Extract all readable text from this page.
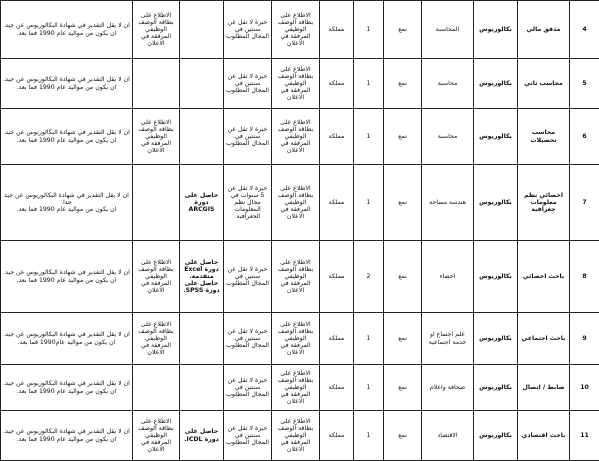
4	مدقق مالي	بكالوريوس	المحاسبة	نمع	1	مملكة	الاطلاع على بطاقة الوصف الوظيفي المرفقة في الاعلان	خبرة لا تقل عن سنتين في المجال المطلوب		الاطلاع على بطاقة الوصف الوظيفي المرفقة في الاعلان	ان لا يقل التقدير في شهادة البكالوريوس عن جيد.
ان يكون من مواليد عام 1990 فما بعد.

5	محاسب ثاني	بكالوريوس	محاسبة	نمع	1	مملكة	الاطلاع على بطاقة الوصف الوظيفي المرفقة في الاعلان	خبرة لا تقل عن سنتين في المجال المطلوب			ان لا يقل التقدير في شهادة البكالوريوس عن جيد.
ان يكون من مواليد عام 1990 فما بعد.

6	محاسب تحصيلات	بكالوريوس	محاسبة	نمع	1	مملكة	الاطلاع على بطاقة الوصف الوظيفي المرفقة في الاعلان	خبرة لا تقل عن سنتين في المجال المطلوب		الاطلاع على بطاقة الوصف الوظيفي المرفقة في الاعلان	ان لا يقل التقدير في شهادة البكالوريوس عن جيد.
ان يكون من مواليد عام 1990 فما بعد.

7	اخصائي نظم معلومات جغرافية	بكالوريوس	هندسة مساحة	نمع	1	مملكة	الاطلاع على بطاقة الوصف الوظيفي المرفقة في الاعلان	خبرة لا تقل عن 5 سنوات في مجال نظم المعلومات الجغرافية.	حاصل على دورة ARCGIS		ان لا يقل التقدير في شهادة البكالوريوس عن جيد جدا.
ان يكون من مواليد عام 1990 فما بعد.

8	باحث احصائي	بكالوريوس	احصاء	نمع	2	مملكة	الاطلاع على بطاقة الوصف الوظيفي المرفقة في الاعلان	خبرة لا تقل عن سنتين في المجال المطلوب	حاصل على دورة Excel متقدمة. حاصل على دورة SPSS.	الاطلاع على بطاقة الوصف الوظيفي المرفقة في الاعلان	ان لا يقل التقدير في شهادة البكالوريوس عن جيد.
ان يكون من مواليد عام 1990 فما بعد.

9	باحث اجتماعي	بكالوريوس	علم اجتماع او خدمة اجتماعية	نمع	1	مملكة	الاطلاع على بطاقة الوصف الوظيفي المرفقة في الاعلان	خبرة لا تقل عن سنتين في المجال المطلوب		الاطلاع على بطاقة الوصف الوظيفي المرفقة في الاعلان	ان لا يقل التقدير في شهادة البكالوريوس عن جيد.
ان يكون من مواليد عام1990 فما بعد.

10	ضابط / اتصال	بكالوريوس	صحافة واعلام	نمع	1	مملكة	الاطلاع على بطاقة الوصف الوظيفي المرفقة في الاعلان	خبرة لا تقل عن سنتين في المجال المطلوب			ان لا يقل التقدير في شهادة البكالوريوس عن جيد.
ان يكون من مواليد عام 1990 فما بعد.

11	باحث اقتصادي	بكالوريوس	الاقتصاد	نمع	1	مملكة	الاطلاع على بطاقة الوصف الوظيفي المرفقة في الاعلان	خبرة لا تقل عن سنتين في المجال المطلوب	حاصل على دورة ICDL.	الاطلاع على بطاقة الوصف الوظيفي المرفقة في الاعلان	ان لا يقل التقدير في شهادة البكالوريوس عن جيد.
ان يكون من مواليد عام 1990 فما بعد.
